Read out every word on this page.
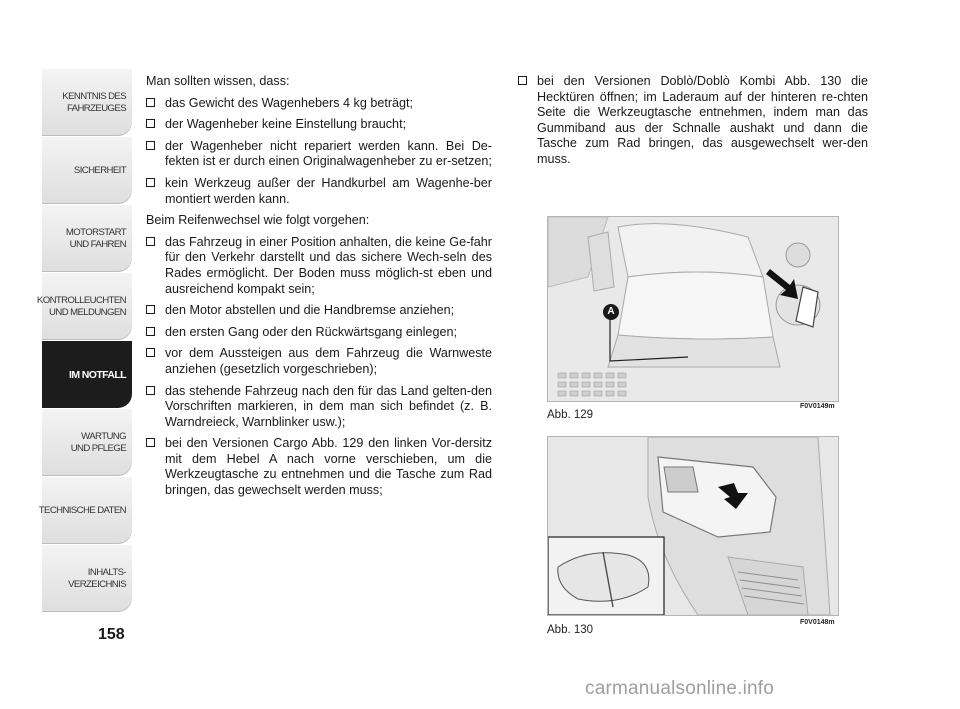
KENNTNIS DES
FAHRZEUGES
SICHERHEIT
MOTORSTART
UND FAHREN
KONTROLLEUCHTEN
UND MELDUNGEN
IM NOTFALL
WARTUNG
UND PFLEGE
TECHNISCHE DATEN
INHALTS-
VERZEICHNIS
158

Man sollten wissen, dass:

das Gewicht des Wagenhebers 4 kg beträgt;
der Wagenheber keine Einstellung braucht;
der Wagenheber nicht repariert werden kann. Bei De-fekten ist er durch einen Originalwagenheber zu er-setzen;
kein Werkzeug außer der Handkurbel am Wagenhe-ber montiert werden kann.

Beim Reifenwechsel wie folgt vorgehen:

das Fahrzeug in einer Position anhalten, die keine Ge-fahr für den Verkehr darstellt und das sichere Wech-seln des Rades ermöglicht. Der Boden muss möglich-st eben und ausreichend kompakt sein;
den Motor abstellen und die Handbremse anziehen;
den ersten Gang oder den Rückwärtsgang einlegen;
vor dem Aussteigen aus dem Fahrzeug die Warnweste anziehen (gesetzlich vorgeschrieben);
das stehende Fahrzeug nach den für das Land gelten-den Vorschriften markieren, in dem man sich befindet (z. B. Warndreieck, Warnblinker usw.);
bei den Versionen Cargo Abb. 129 den linken Vor-dersitz mit dem Hebel A nach vorne verschieben, um die Werkzeugtasche zu entnehmen und die Tasche zum Rad bringen, das gewechselt werden muss;
bei den Versionen Doblò/Doblò Kombi Abb. 130 die Hecktüren öffnen; im Laderaum auf der hinteren re-chten Seite die Werkzeugtasche entnehmen, indem man das Gummiband aus der Schnalle aushakt und dann die Tasche zum Rad bringen, das ausgewechselt wer-den muss.
A
Abb. 129
F0V0149m
Abb. 130
F0V0148m
carmanualsonline.info
